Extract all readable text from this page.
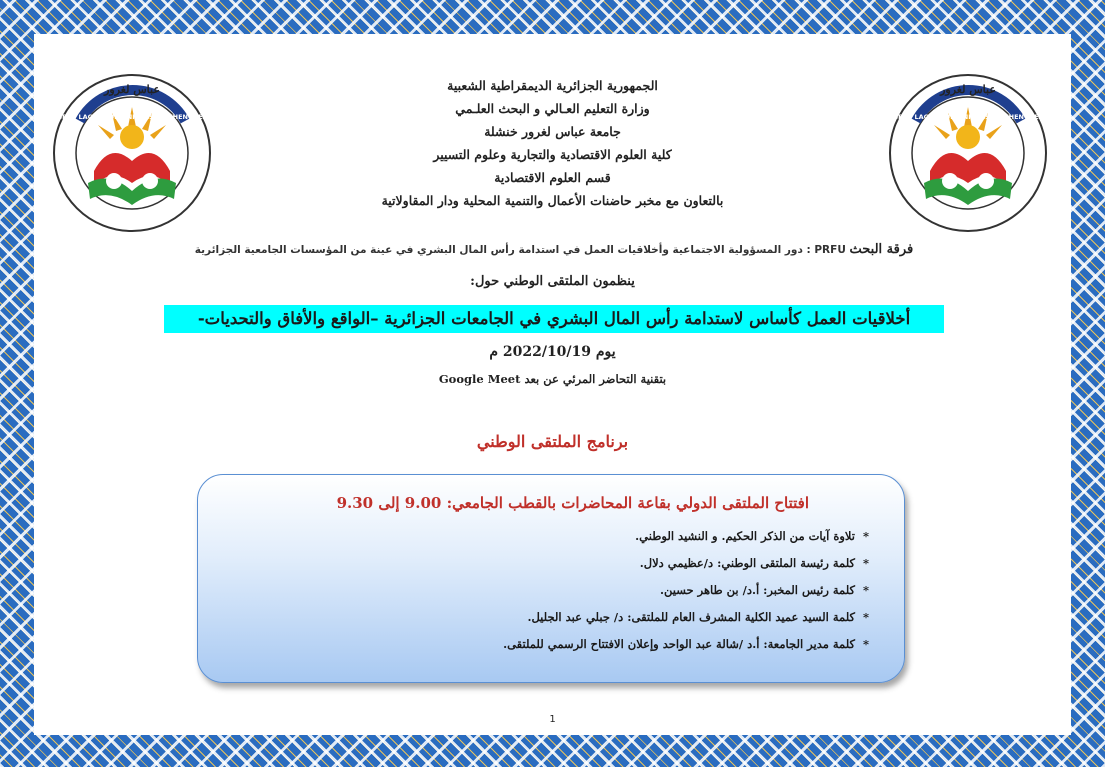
عباس لغرور
ABBES LAGHROUR UNIVERSITY KHENCHELA
عباس لغرور
ABBES LAGHROUR UNIVERSITY KHENCHELA
الجمهورية الجزائرية الديمقراطية الشعبية
وزارة التعليم العـالي و البحث العلـمي
جامعة عباس لغرور خنشلة
كلية العلوم الاقتصادية والتجارية وعلوم التسيير
قسم العلوم الاقتصادية
بالتعاون مع مخبر حاضنات الأعمال والتنمية المحلية ودار المقاولاتية
فرقة البحث PRFU : دور المسؤولية الاجتماعية وأخلاقيات العمل في استدامة رأس المال البشري في عينة من المؤسسات الجامعية الجزائرية
ينظمون الملتقى الوطني حول:
أخلاقيات العمل كأساس لاستدامة رأس المال البشري في الجامعات الجزائرية –الواقع والأفاق والتحديات-
يوم 2022/10/19 م
بتقنية التحاضر المرئي عن بعد Google Meet
برنامج الملتقى الوطني
افتتاح الملتقى الدولي بقاعة المحاضرات بالقطب الجامعي: 9.00 إلى 9.30
*تلاوة آيات من الذكر الحكيم. و النشيد الوطني.
*كلمة رئيسة الملتقى الوطني: د/عظيمي دلال.
*كلمة رئيس المخبر: أ.د/ بن طاهر حسين.
*كلمة السيد عميد الكلية المشرف العام للملتقى: د/ جبلي عبد الجليل.
*كلمة مدير الجامعة: أ.د /شالة عبد الواحد وإعلان الافتتاح الرسمي للملتقى.
1
